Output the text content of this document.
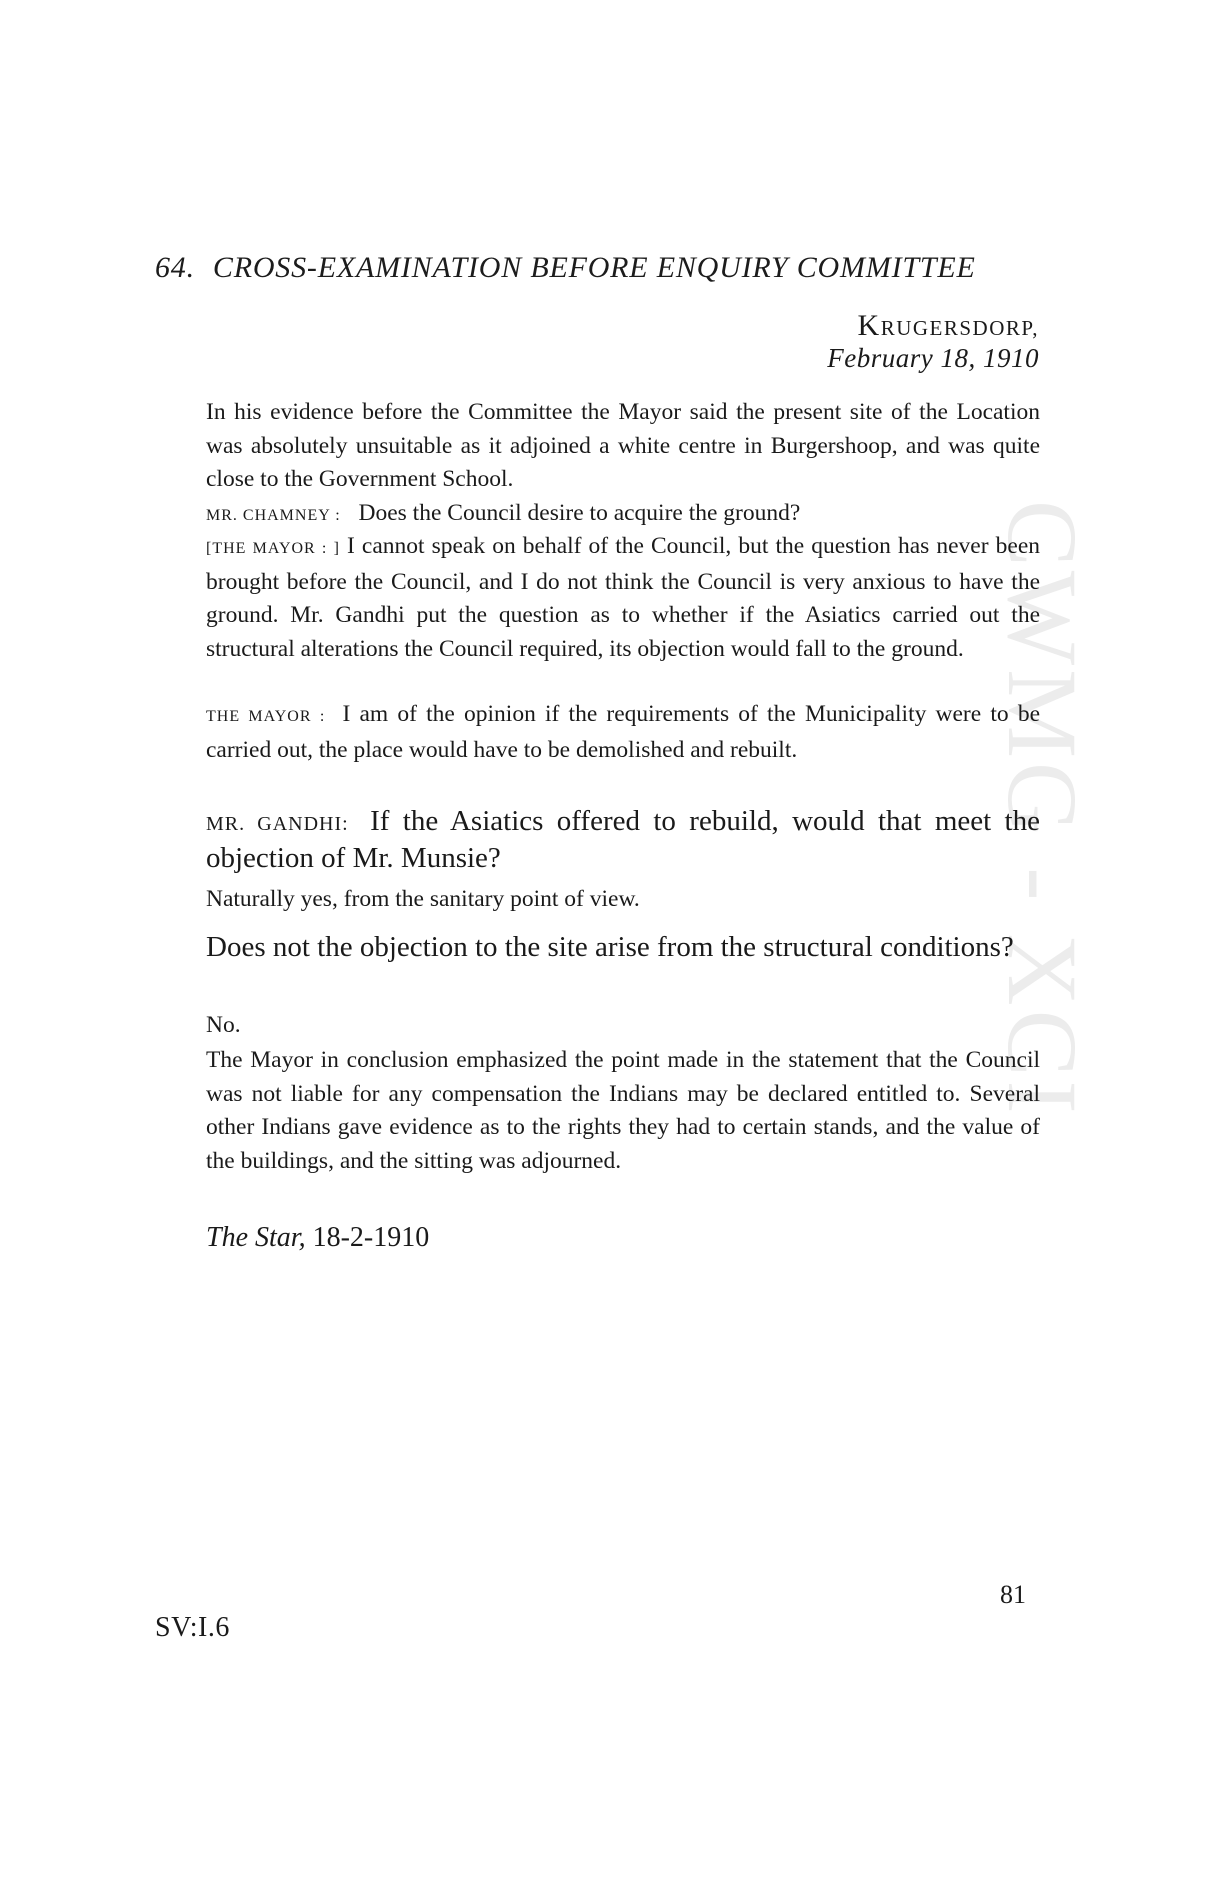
CWMG - XCI
64. CROSS-EXAMINATION BEFORE ENQUIRY COMMITTEE
KRUGERSDORP,
February 18, 1910
In his evidence before the Committee the Mayor said the present site of the Location was absolutely unsuitable as it adjoined a white centre in Burgershoop, and was quite close to the Government School.
MR. CHAMNEY : Does the Council desire to acquire the ground?
[THE MAYOR : ] I cannot speak on behalf of the Council, but the question has never been brought before the Council, and I do not think the Council is very anxious to have the ground. Mr. Gandhi put the question as to whether if the Asiatics carried out the structural alterations the Council required, its objection would fall to the ground.
THE MAYOR : I am of the opinion if the requirements of the Municipality were to be carried out, the place would have to be demolished and rebuilt.
MR. GANDHI: If the Asiatics offered to rebuild, would that meet the objection of Mr. Munsie?
Naturally yes, from the sanitary point of view.
Does not the objection to the site arise from the structural conditions?
No.
The Mayor in conclusion emphasized the point made in the statement that the Council was not liable for any compensation the Indians may be declared entitled to. Several other Indians gave evidence as to the rights they had to certain stands, and the value of the buildings, and the sitting was adjourned.
The Star, 18-2-1910
81
SV:I.6
